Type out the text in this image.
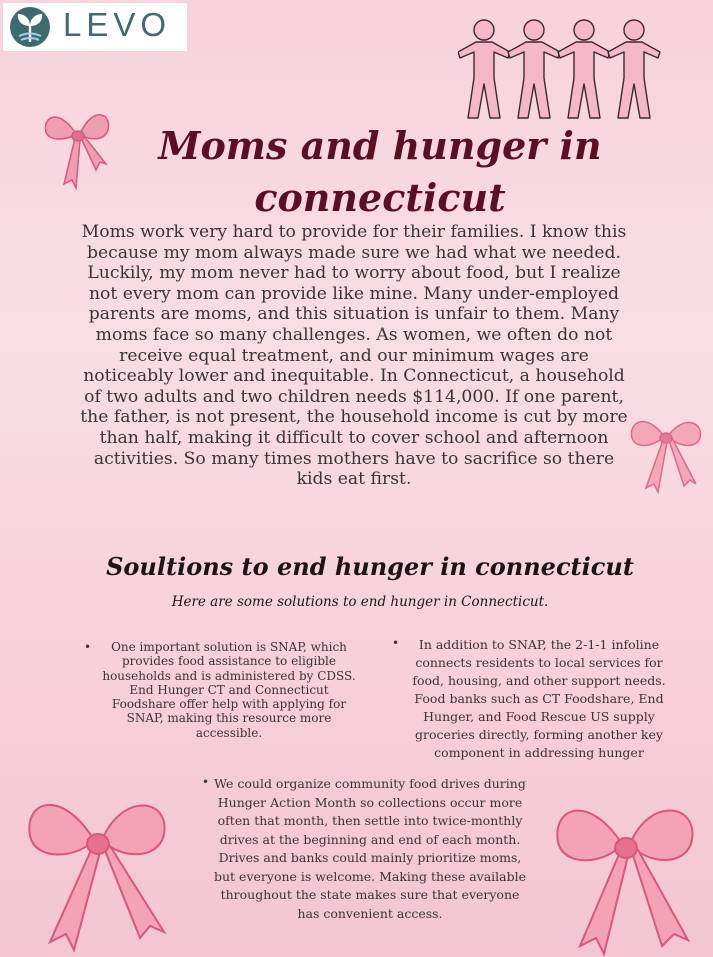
LEVO
Moms and hunger in
connecticut

Moms work very hard to provide for their families. I know this because my mom always made sure we had what we needed. Luckily, my mom never had to worry about food, but I realize not every mom can provide like mine. Many under-employed parents are moms, and this situation is unfair to them. Many moms face so many challenges. As women, we often do not receive equal treatment, and our minimum wages are noticeably lower and inequitable. In Connecticut, a household of two adults and two children needs $114,000. If one parent, the father, is not present, the household income is cut by more than half, making it difficult to cover school and afternoon activities. So many times mothers have to sacrifice so there kids eat first.

Soultions to end hunger in connecticut

Here are some solutions to end hunger in Connecticut.

•	One important solution is SNAP, which provides food assistance to eligible households and is administered by CDSS. End Hunger CT and Connecticut Foodshare offer help with applying for SNAP, making this resource more accessible.

•	In addition to SNAP, the 2-1-1 infoline connects residents to local services for food, housing, and other support needs. Food banks such as CT Foodshare, End Hunger, and Food Rescue US supply groceries directly, forming another key component in addressing hunger

• We could organize community food drives during Hunger Action Month so collections occur more often that month, then settle into twice-monthly drives at the beginning and end of each month. Drives and banks could mainly prioritize moms, but everyone is welcome. Making these available throughout the state makes sure that everyone has convenient access.
